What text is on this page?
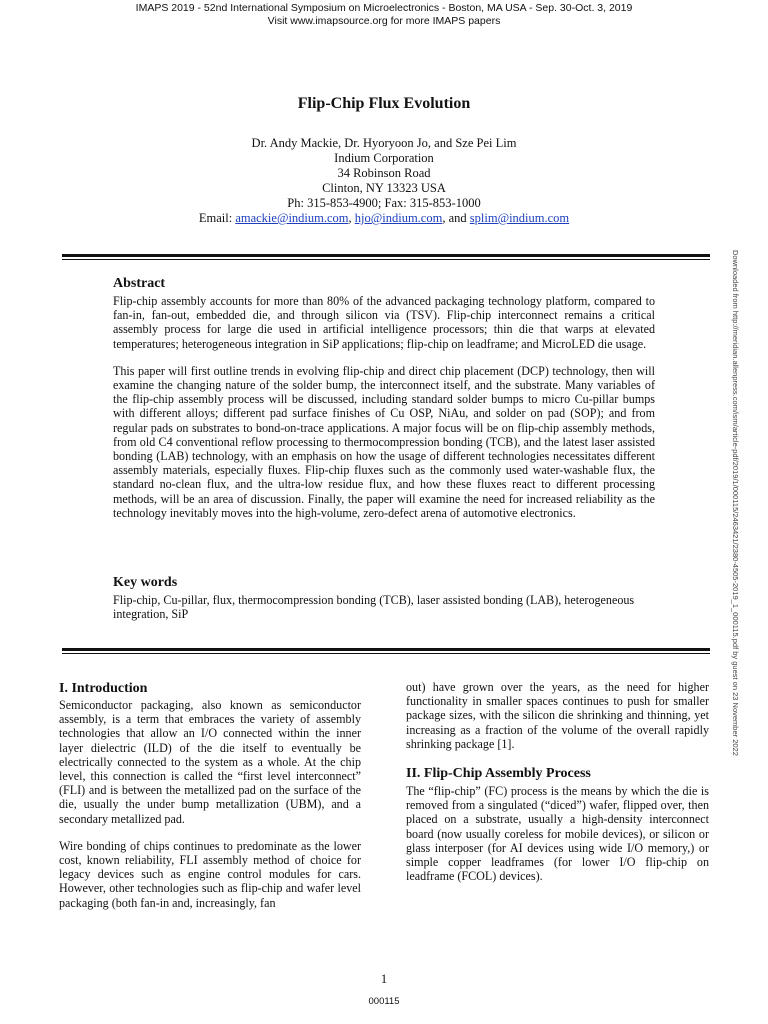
IMAPS 2019 - 52nd International Symposium on Microelectronics - Boston, MA USA - Sep. 30-Oct. 3, 2019
Visit www.imapsource.org for more IMAPS papers
Flip-Chip Flux Evolution
Dr. Andy Mackie, Dr. Hyoryoon Jo, and Sze Pei Lim
Indium Corporation
34 Robinson Road
Clinton, NY 13323 USA
Ph: 315-853-4900; Fax: 315-853-1000
Email: amackie@indium.com, hjo@indium.com, and splim@indium.com
Downloaded from http://meridian.allenpress.com/ism/article-pdf/2019/1/000115/2463421/2380-4505-2019_1_000115.pdf by guest on 23 November 2022
Abstract

Flip-chip assembly accounts for more than 80% of the advanced packaging technology platform, compared to fan-in, fan-out, embedded die, and through silicon via (TSV). Flip-chip interconnect remains a critical assembly process for large die used in artificial intelligence processors; thin die that warps at elevated temperatures; heterogeneous integration in SiP applications; flip-chip on leadframe; and MicroLED die usage.

This paper will first outline trends in evolving flip-chip and direct chip placement (DCP) technology, then will examine the changing nature of the solder bump, the interconnect itself, and the substrate. Many variables of the flip-chip assembly process will be discussed, including standard solder bumps to micro Cu-pillar bumps with different alloys; different pad surface finishes of Cu OSP, NiAu, and solder on pad (SOP); and from regular pads on substrates to bond-on-trace applications. A major focus will be on flip-chip assembly methods, from old C4 conventional reflow processing to thermocompression bonding (TCB), and the latest laser assisted bonding (LAB) technology, with an emphasis on how the usage of different technologies necessitates different assembly materials, especially fluxes. Flip-chip fluxes such as the commonly used water-washable flux, the standard no-clean flux, and the ultra-low residue flux, and how these fluxes react to different processing methods, will be an area of discussion. Finally, the paper will examine the need for increased reliability as the technology inevitably moves into the high-volume, zero-defect arena of automotive electronics.

Key words

Flip-chip, Cu-pillar, flux, thermocompression bonding (TCB), laser assisted bonding (LAB), heterogeneous integration, SiP

I. Introduction

Semiconductor packaging, also known as semiconductor assembly, is a term that embraces the variety of assembly technologies that allow an I/O connected within the inner layer dielectric (ILD) of the die itself to eventually be electrically connected to the system as a whole. At the chip level, this connection is called the “first level interconnect” (FLI) and is between the metallized pad on the surface of the die, usually the under bump metallization (UBM), and a secondary metallized pad.

Wire bonding of chips continues to predominate as the lower cost, known reliability, FLI assembly method of choice for legacy devices such as engine control modules for cars. However, other technologies such as flip-chip and wafer level packaging (both fan-in and, increasingly, fan

out) have grown over the years, as the need for higher functionality in smaller spaces continues to push for smaller package sizes, with the silicon die shrinking and thinning, yet increasing as a fraction of the volume of the overall rapidly shrinking package [1].

II. Flip-Chip Assembly Process

The “flip-chip” (FC) process is the means by which the die is removed from a singulated (“diced”) wafer, flipped over, then placed on a substrate, usually a high-density interconnect board (now usually coreless for mobile devices), or silicon or glass interposer (for AI devices using wide I/O memory,) or simple copper leadframes (for lower I/O flip-chip on leadframe (FCOL) devices).

1
000115
